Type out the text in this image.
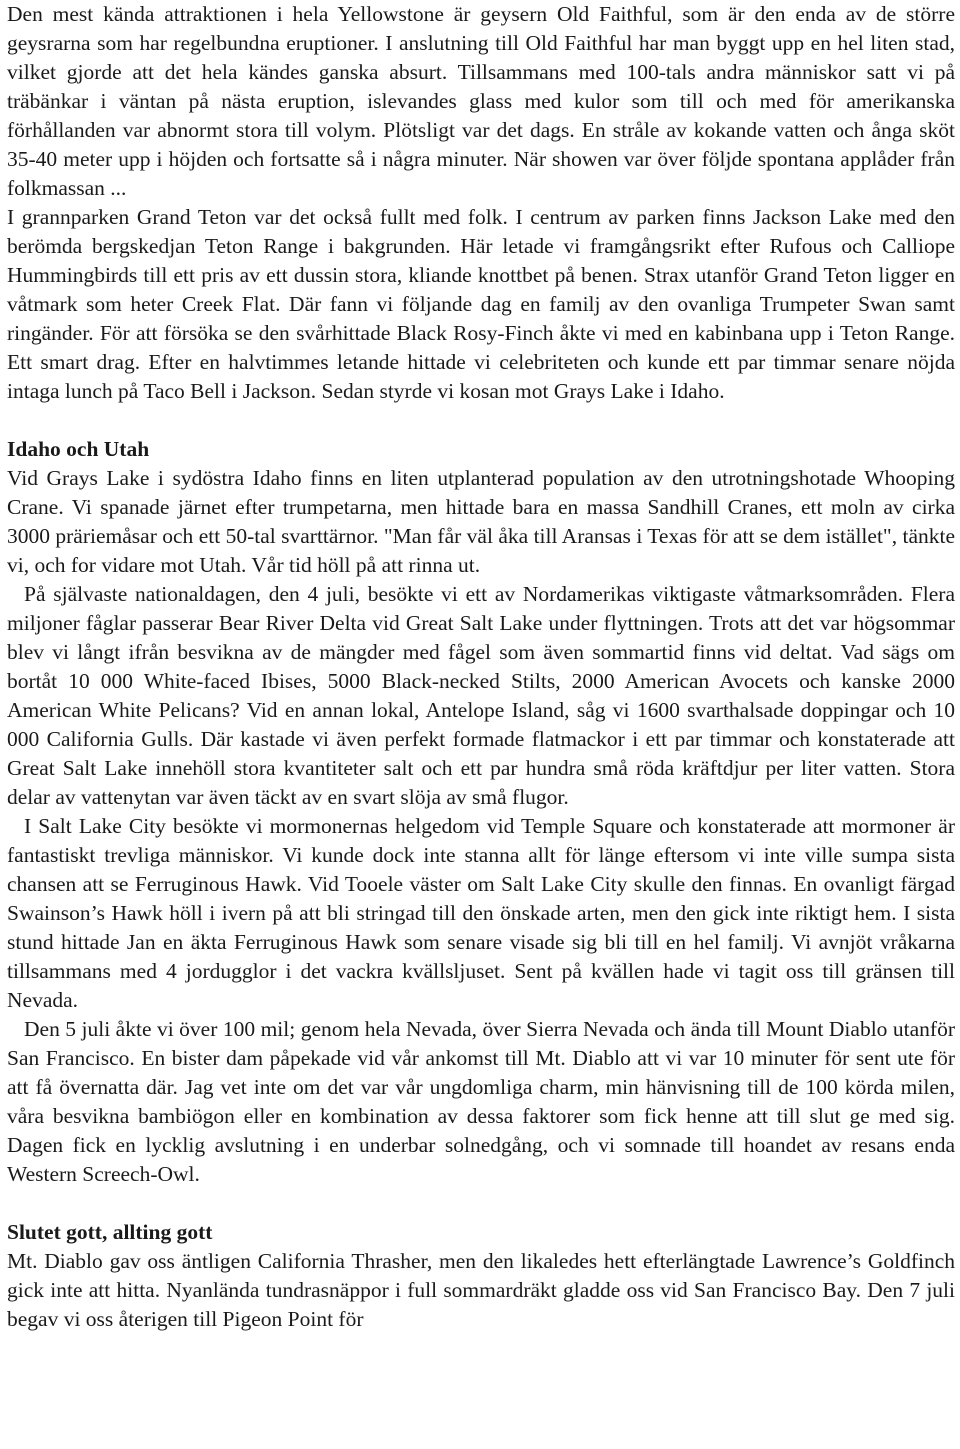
Den mest kända attraktionen i hela Yellowstone är geysern Old Faithful, som är den enda av de större geysrarna som har regelbundna eruptioner. I anslutning till Old Faithful har man byggt upp en hel liten stad, vilket gjorde att det hela kändes ganska absurt. Tillsammans med 100-tals andra människor satt vi på träbänkar i väntan på nästa eruption, islevandes glass med kulor som till och med för amerikanska förhållanden var abnormt stora till volym. Plötsligt var det dags. En stråle av kokande vatten och ånga sköt 35-40 meter upp i höjden och fortsatte så i några minuter. När showen var över följde spontana applåder från folkmassan ...

I grannparken Grand Teton var det också fullt med folk. I centrum av parken finns Jackson Lake med den berömda bergskedjan Teton Range i bakgrunden. Här letade vi framgångsrikt efter Rufous och Calliope Hummingbirds till ett pris av ett dussin stora, kliande knottbet på benen. Strax utanför Grand Teton ligger en våtmark som heter Creek Flat. Där fann vi följande dag en familj av den ovanliga Trumpeter Swan samt ringänder. För att försöka se den svårhittade Black Rosy-Finch åkte vi med en kabinbana upp i Teton Range. Ett smart drag. Efter en halvtimmes letande hittade vi celebriteten och kunde ett par timmar senare nöjda intaga lunch på Taco Bell i Jackson. Sedan styrde vi kosan mot Grays Lake i Idaho.

Idaho och Utah

Vid Grays Lake i sydöstra Idaho finns en liten utplanterad population av den utrotningshotade Whooping Crane. Vi spanade järnet efter trumpetarna, men hittade bara en massa Sandhill Cranes, ett moln av cirka 3000 präriemåsar och ett 50-tal svarttärnor. "Man får väl åka till Aransas i Texas för att se dem istället", tänkte vi, och for vidare mot Utah. Vår tid höll på att rinna ut.

På självaste nationaldagen, den 4 juli, besökte vi ett av Nordamerikas viktigaste våtmarksområden. Flera miljoner fåglar passerar Bear River Delta vid Great Salt Lake under flyttningen. Trots att det var högsommar blev vi långt ifrån besvikna av de mängder med fågel som även sommartid finns vid deltat. Vad sägs om bortåt 10 000 White-faced Ibises, 5000 Black-necked Stilts, 2000 American Avocets och kanske 2000 American White Pelicans? Vid en annan lokal, Antelope Island, såg vi 1600 svarthalsade doppingar och 10 000 California Gulls. Där kastade vi även perfekt formade flatmackor i ett par timmar och konstaterade att Great Salt Lake innehöll stora kvantiteter salt och ett par hundra små röda kräftdjur per liter vatten. Stora delar av vattenytan var även täckt av en svart slöja av små flugor.

I Salt Lake City besökte vi mormonernas helgedom vid Temple Square och konstaterade att mormoner är fantastiskt trevliga människor. Vi kunde dock inte stanna allt för länge eftersom vi inte ville sumpa sista chansen att se Ferruginous Hawk. Vid Tooele väster om Salt Lake City skulle den finnas. En ovanligt färgad Swainson’s Hawk höll i ivern på att bli stringad till den önskade arten, men den gick inte riktigt hem. I sista stund hittade Jan en äkta Ferruginous Hawk som senare visade sig bli till en hel familj. Vi avnjöt vråkarna tillsammans med 4 jordugglor i det vackra kvällsljuset. Sent på kvällen hade vi tagit oss till gränsen till Nevada.

Den 5 juli åkte vi över 100 mil; genom hela Nevada, över Sierra Nevada och ända till Mount Diablo utanför San Francisco. En bister dam påpekade vid vår ankomst till Mt. Diablo att vi var 10 minuter för sent ute för att få övernatta där. Jag vet inte om det var vår ungdomliga charm, min hänvisning till de 100 körda milen, våra besvikna bambiögon eller en kombination av dessa faktorer som fick henne att till slut ge med sig. Dagen fick en lycklig avslutning i en underbar solnedgång, och vi somnade till hoandet av resans enda Western Screech-Owl.

Slutet gott, allting gott

Mt. Diablo gav oss äntligen California Thrasher, men den likaledes hett efterlängtade Lawrence’s Goldfinch gick inte att hitta. Nyanlända tundrasnäppor i full sommardräkt gladde oss vid San Francisco Bay. Den 7 juli begav vi oss återigen till Pigeon Point för
